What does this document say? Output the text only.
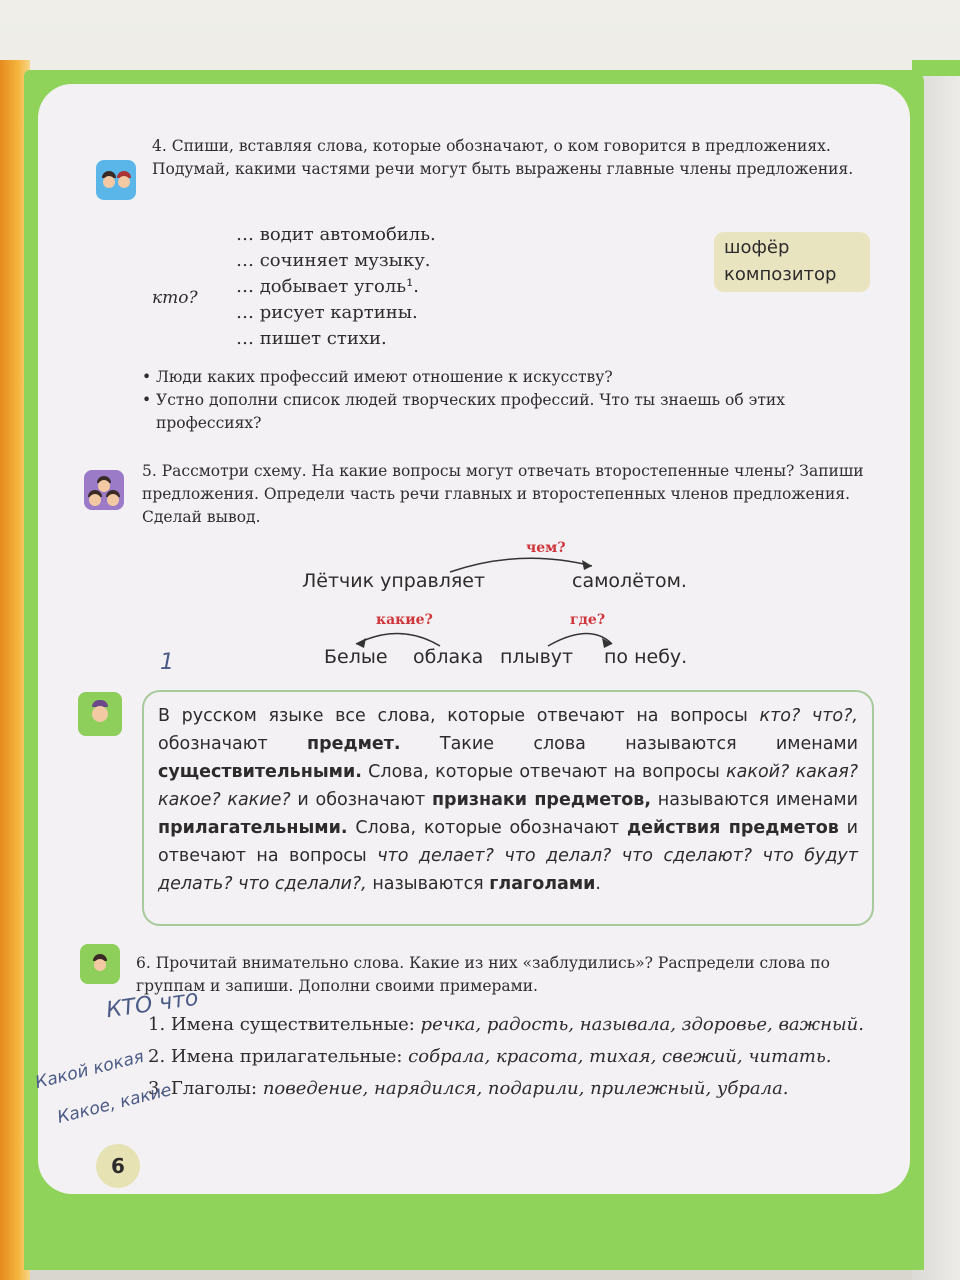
4. Спиши, вставляя слова, которые обозначают, о ком говорится в предложениях. Подумай, какими частями речи могут быть выражены главные члены предложения.
кто?
… водит автомобиль.
… сочиняет музыку.
… добывает уголь¹.
… рисует картины.
… пишет стихи.
шофёр
композитор
• Люди каких профессий имеют отношение к искусству?
• Устно дополни список людей творческих профессий. Что ты знаешь об этих профессиях?
5. Рассмотри схему. На какие вопросы могут отвечать второстепенные члены? Запиши предложения. Определи часть речи главных и второстепенных членов предложения. Сделай вывод.
чем?
Лётчик управляет	самолётом.
какие?	где?
Белые облака плывут по небу.
1
В русском языке все слова, которые отвечают на вопросы кто? что?, обозначают предмет. Такие слова называются именами существительными. Слова, которые отвечают на вопросы какой? какая? какое? какие? и обозначают признаки предметов, называются именами прилагательными. Слова, которые обозначают действия предметов и отвечают на вопросы что делает? что делал? что сделают? что будут делать? что сделали?, называются глаголами.
6. Прочитай внимательно слова. Какие из них «заблудились»? Распредели слова по группам и запиши. Дополни своими примерами.
1. Имена существительные: речка, радость, называла, здоровье, важный.
2. Имена прилагательные: собрала, красота, тихая, свежий, читать.
3. Глаголы: поведение, нарядился, подарили, прилежный, убрала.
КТО что
Какой кокая
Какое, какие
6
